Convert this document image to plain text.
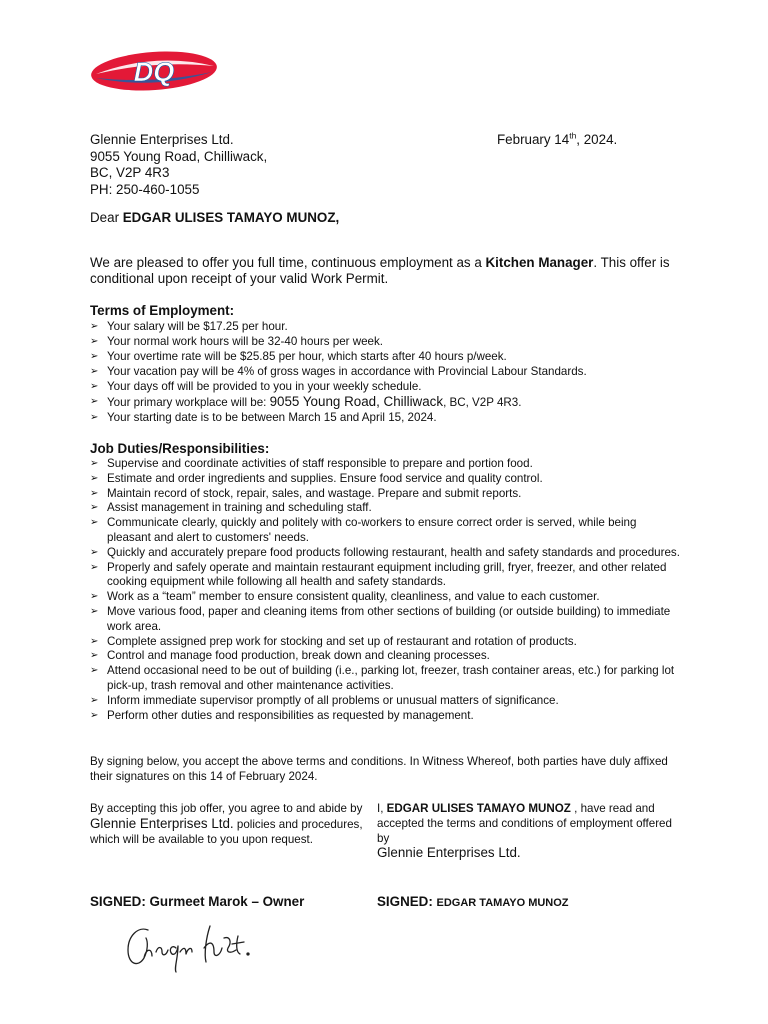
DQ
Glennie Enterprises Ltd.
9055 Young Road, Chilliwack,
BC, V2P 4R3
PH: 250-460-1055
February 14th, 2024.
Dear EDGAR ULISES TAMAYO MUNOZ,
We are pleased to offer you full time, continuous employment as a Kitchen Manager. This offer is conditional upon receipt of your valid Work Permit.
Terms of Employment:
➢ Your salary will be $17.25 per hour.
➢ Your normal work hours will be 32-40 hours per week.
➢ Your overtime rate will be $25.85 per hour, which starts after 40 hours p/week.
➢ Your vacation pay will be 4% of gross wages in accordance with Provincial Labour Standards.
➢ Your days off will be provided to you in your weekly schedule.
➢ Your primary workplace will be: 9055 Young Road, Chilliwack, BC, V2P 4R3.
➢ Your starting date is to be between March 15 and April 15, 2024.
Job Duties/Responsibilities:
➢ Supervise and coordinate activities of staff responsible to prepare and portion food.
➢ Estimate and order ingredients and supplies. Ensure food service and quality control.
➢ Maintain record of stock, repair, sales, and wastage. Prepare and submit reports.
➢ Assist management in training and scheduling staff.
➢ Communicate clearly, quickly and politely with co-workers to ensure correct order is served, while being pleasant and alert to customers' needs.
➢ Quickly and accurately prepare food products following restaurant, health and safety standards and procedures.
➢ Properly and safely operate and maintain restaurant equipment including grill, fryer, freezer, and other related cooking equipment while following all health and safety standards.
➢ Work as a “team” member to ensure consistent quality, cleanliness, and value to each customer.
➢ Move various food, paper and cleaning items from other sections of building (or outside building) to immediate work area.
➢ Complete assigned prep work for stocking and set up of restaurant and rotation of products.
➢ Control and manage food production, break down and cleaning processes.
➢ Attend occasional need to be out of building (i.e., parking lot, freezer, trash container areas, etc.) for parking lot pick-up, trash removal and other maintenance activities.
➢ Inform immediate supervisor promptly of all problems or unusual matters of significance.
➢ Perform other duties and responsibilities as requested by management.
By signing below, you accept the above terms and conditions. In Witness Whereof, both parties have duly affixed their signatures on this 14 of February 2024.
By accepting this job offer, you agree to and abide by Glennie Enterprises Ltd. policies and procedures, which will be available to you upon request.
I, EDGAR ULISES TAMAYO MUNOZ , have read and accepted the terms and conditions of employment offered by
Glennie Enterprises Ltd.
SIGNED: Gurmeet Marok – Owner	SIGNED: EDGAR TAMAYO MUNOZ
